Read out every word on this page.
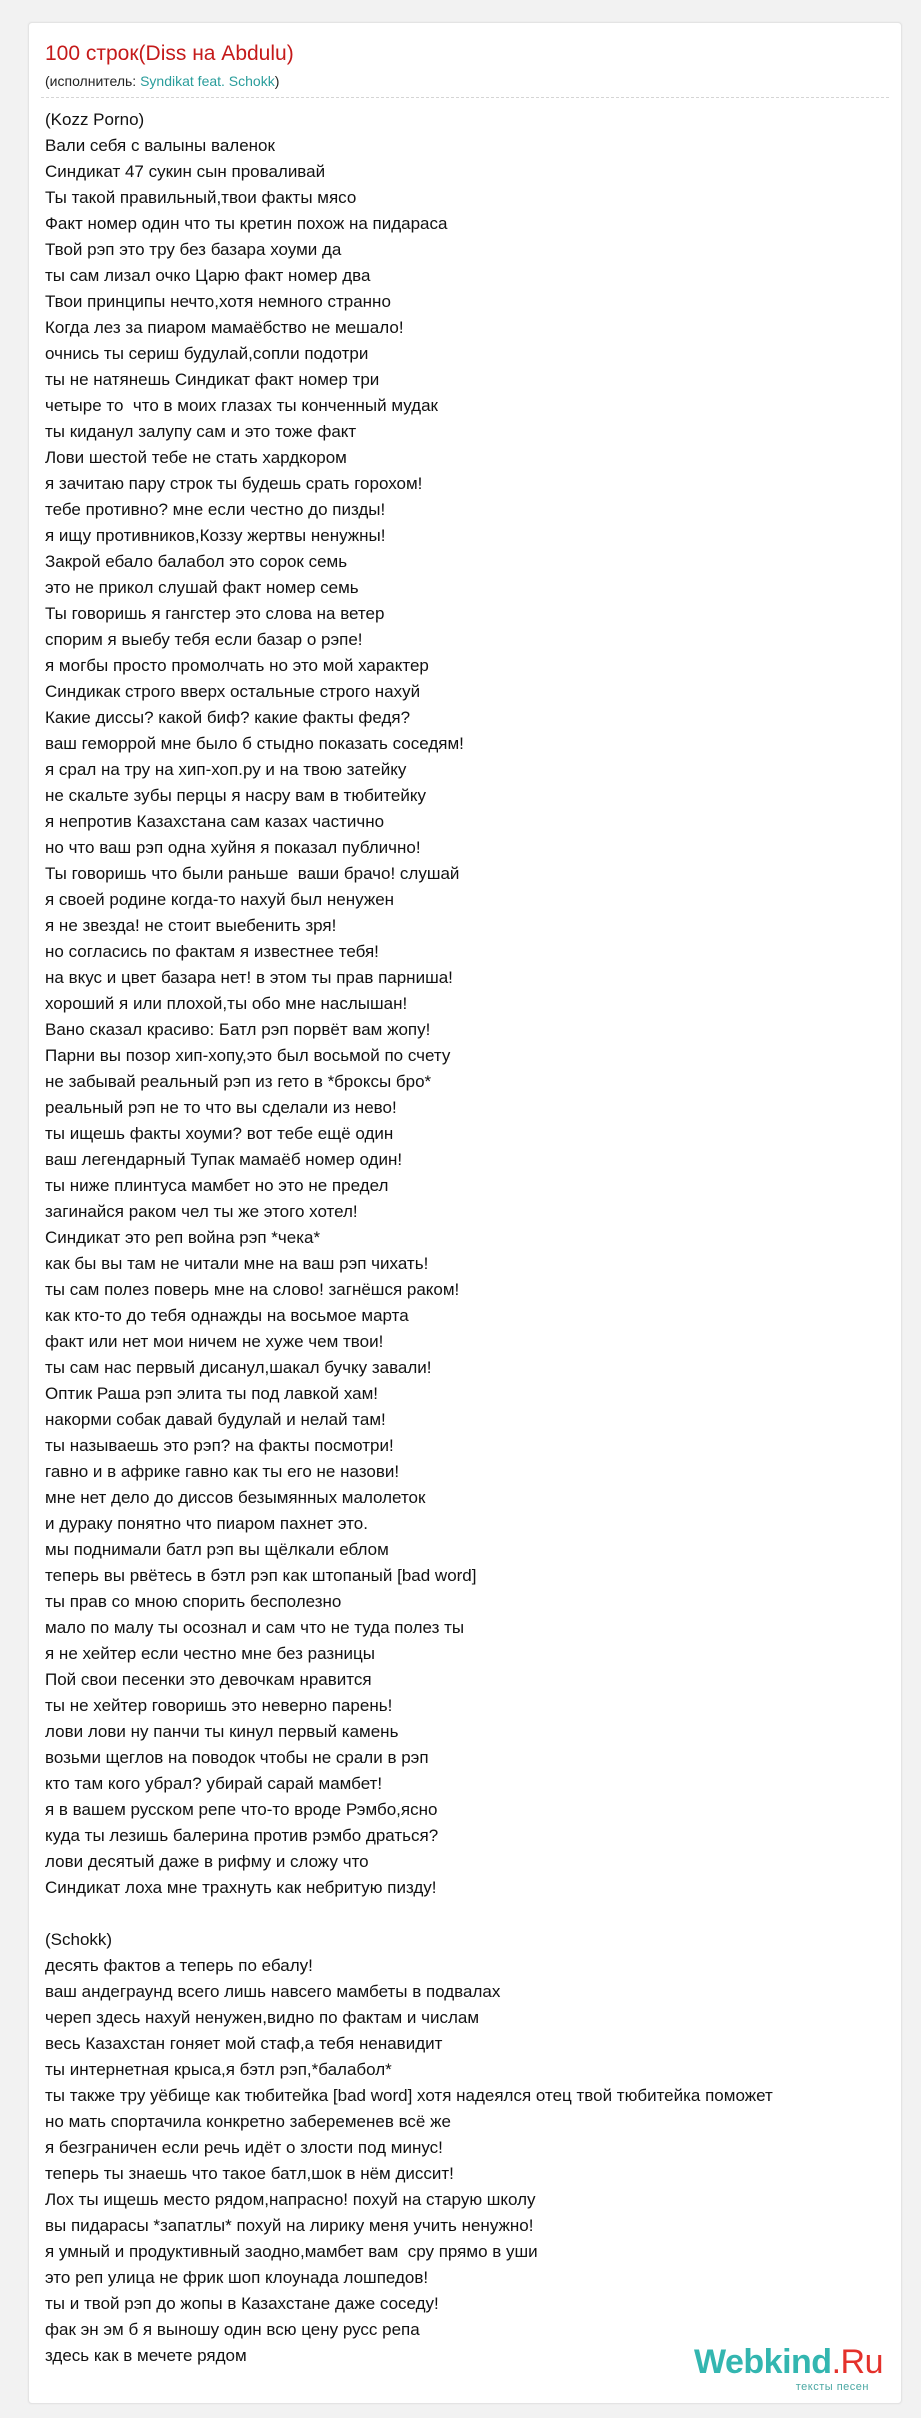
100 строк(Diss на Abdulu)
(исполнитель: Syndikat feat. Schokk)
(Kozz Porno)
Вали себя с валыны валенок
Синдикат 47 сукин сын проваливай
Ты такой правильный,твои факты мясо
Факт номер один что ты кретин похож на пидараса
Твой рэп это тру без базара хоуми да
ты сам лизал очко Царю факт номер два
Твои принципы нечто,хотя немного странно
Когда лез за пиаром мамаёбство не мешало!
очнись ты сериш будулай,сопли подотри
ты не натянешь Синдикат факт номер три
четыре то  что в моих глазах ты конченный мудак
ты киданул залупу сам и это тоже факт
Лови шестой тебе не стать хардкором
я зачитаю пару строк ты будешь срать горохом!
тебе противно? мне если честно до пизды!
я ищу противников,Коззу жертвы ненужны!
Закрой ебало балабол это сорок семь
это не прикол слушай факт номер семь
Ты говоришь я гангстер это слова на ветер
спорим я выебу тебя если базар о рэпе!
я могбы просто промолчать но это мой характер
Синдикак строго вверх остальные строго нахуй
Какие диссы? какой биф? какие факты федя?
ваш геморрой мне было б стыдно показать соседям!
я срал на тру на хип-хоп.ру и на твою затейку
не скальте зубы перцы я насру вам в тюбитейку
я непротив Казахстана сам казах частично
но что ваш рэп одна хуйня я показал публично!
Ты говоришь что были раньше  ваши брачо! слушай
я своей родине когда-то нахуй был ненужен
я не звезда! не стоит выебенить зря!
но согласись по фактам я известнее тебя!
на вкус и цвет базара нет! в этом ты прав парниша!
хороший я или плохой,ты обо мне наслышан!
Вано сказал красиво: Батл рэп порвёт вам жопу!
Парни вы позор хип-хопу,это был восьмой по счету
не забывай реальный рэп из гето в *броксы бро*
реальный рэп не то что вы сделали из нево!
ты ищешь факты хоуми? вот тебе ещё один
ваш легендарный Тупак мамаёб номер один!
ты ниже плинтуса мамбет но это не предел
загинайся раком чел ты же этого хотел!
Синдикат это реп война рэп *чека*
как бы вы там не читали мне на ваш рэп чихать!
ты сам полез поверь мне на слово! загнёшся раком!
как кто-то до тебя однажды на восьмое марта
факт или нет мои ничем не хуже чем твои!
ты сам нас первый дисанул,шакал бучку завали!
Оптик Раша рэп элита ты под лавкой хам!
накорми собак давай будулай и нелай там!
ты называешь это рэп? на факты посмотри!
гавно и в африке гавно как ты его не назови!
мне нет дело до диссов безымянных малолеток
и дураку понятно что пиаром пахнет это.
мы поднимали батл рэп вы щёлкали еблом
теперь вы рвётесь в бэтл рэп как штопаный [bad word]
ты прав со мною спорить бесполезно
мало по малу ты осознал и сам что не туда полез ты
я не хейтер если честно мне без разницы
Пой свои песенки это девочкам нравится
ты не хейтер говоришь это неверно парень!
лови лови ну панчи ты кинул первый камень
возьми щеглов на поводок чтобы не срали в рэп
кто там кого убрал? убирай сарай мамбет!
я в вашем русском репе что-то вроде Рэмбо,ясно
куда ты лезишь балерина против рэмбо драться?
лови десятый даже в рифму и сложу что
Синдикат лоха мне трахнуть как небритую пизду!
(Schokk)
десять фактов а теперь по ебалу!
ваш андеграунд всего лишь навсего мамбеты в подвалах
череп здесь нахуй ненужен,видно по фактам и числам
весь Казахстан гоняет мой стаф,а тебя ненавидит
ты интернетная крыса,я бэтл рэп,*балабол*
ты также тру уёбище как тюбитейка [bad word] хотя надеялся отец твой тюбитейка поможет
но мать спортачила конкретно забеременев всё же
я безграничен если речь идёт о злости под минус!
теперь ты знаешь что такое батл,шок в нём диссит!
Лох ты ищешь место рядом,напрасно! похуй на старую школу
вы пидарасы *запатлы* похуй на лирику меня учить ненужно!
я умный и продуктивный заодно,мамбет вам  сру прямо в уши
это реп улица не фрик шоп клоунада лошпедов!
ты и твой рэп до жопы в Казахстане даже соседу!
фак эн эм б я выношу один всю цену русс репа
здесь как в мечете рядом	Webkind.Ru
тексты песен
